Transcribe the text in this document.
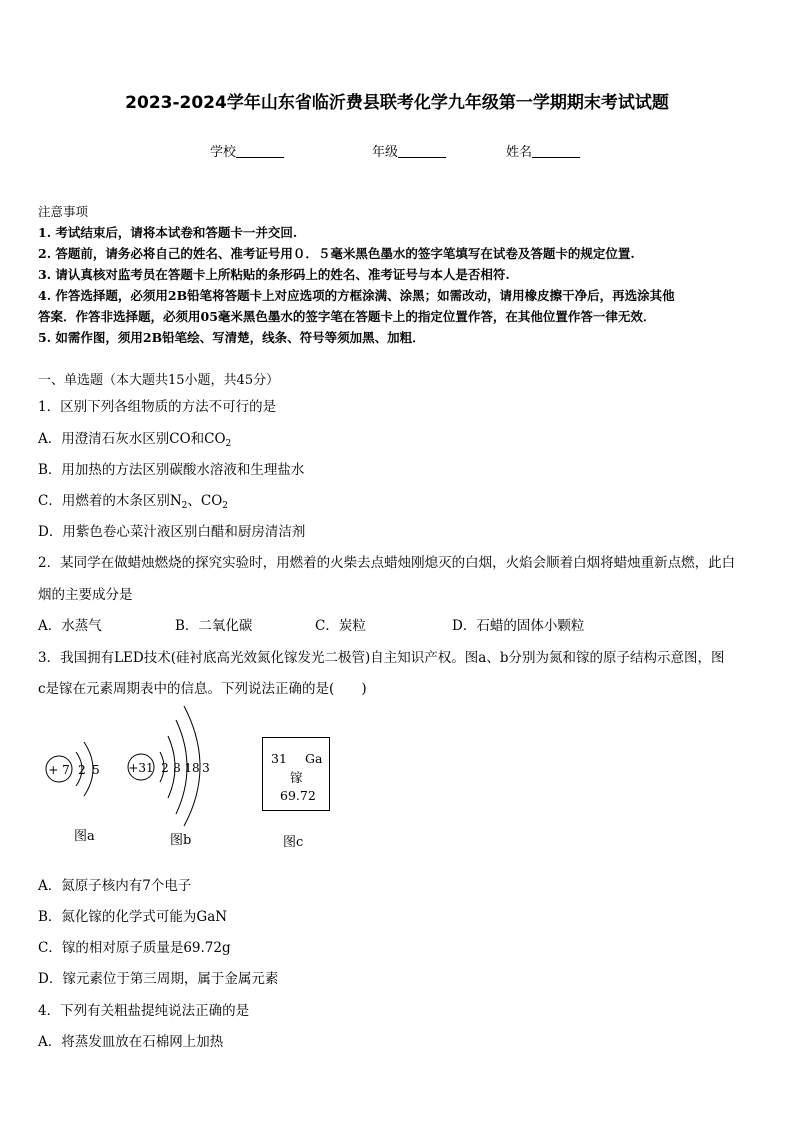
2023-2024学年山东省临沂费县联考化学九年级第一学期期末考试试题
学校	年级	姓名
注意事项
1. 考试结束后，请将本试卷和答题卡一并交回.
2. 答题前，请务必将自己的姓名、准考证号用０．５毫米黑色墨水的签字笔填写在试卷及答题卡的规定位置.
3. 请认真核对监考员在答题卡上所粘贴的条形码上的姓名、准考证号与本人是否相符.
4. 作答选择题，必须用2B铅笔将答题卡上对应选项的方框涂满、涂黑；如需改动，请用橡皮擦干净后，再选涂其他
答案．作答非选择题，必须用05毫米黑色墨水的签字笔在答题卡上的指定位置作答，在其他位置作答一律无效．
5. 如需作图，须用2B铅笔绘、写清楚，线条、符号等须加黑、加粗．
一、单选题（本大题共15小题，共45分）
1．区别下列各组物质的方法不可行的是
A．用澄清石灰水区别CO和$CO_2$
B．用加热的方法区别碳酸水溶液和生理盐水
C．用燃着的木条区别$N_2$、$CO_2$
D．用紫色卷心菜汁液区别白醋和厨房清洁剂
2．某同学在做蜡烛燃烧的探究实验时，用燃着的火柴去点蜡烛刚熄灭的白烟，火焰会顺着白烟将蜡烛重新点燃，此白
烟的主要成分是
A．水蒸气	B．二氧化碳	C．炭粒	D．石蜡的固体小颗粒
3．我国拥有LED技术(硅衬底高光效氮化镓发光二极管)自主知识产权。图a、b分别为氮和镓的原子结构示意图，图
c是镓在元素周期表中的信息。下列说法正确的是(　　)
+ 7 2 5
图a
+31 2 8 18 3
图b
31 Ga
镓
69.72
图c
A．氮原子核内有7个电子
B．氮化镓的化学式可能为GaN
C．镓的相对原子质量是69.72g
D．镓元素位于第三周期，属于金属元素
4．下列有关粗盐提纯说法正确的是
A．将蒸发皿放在石棉网上加热
